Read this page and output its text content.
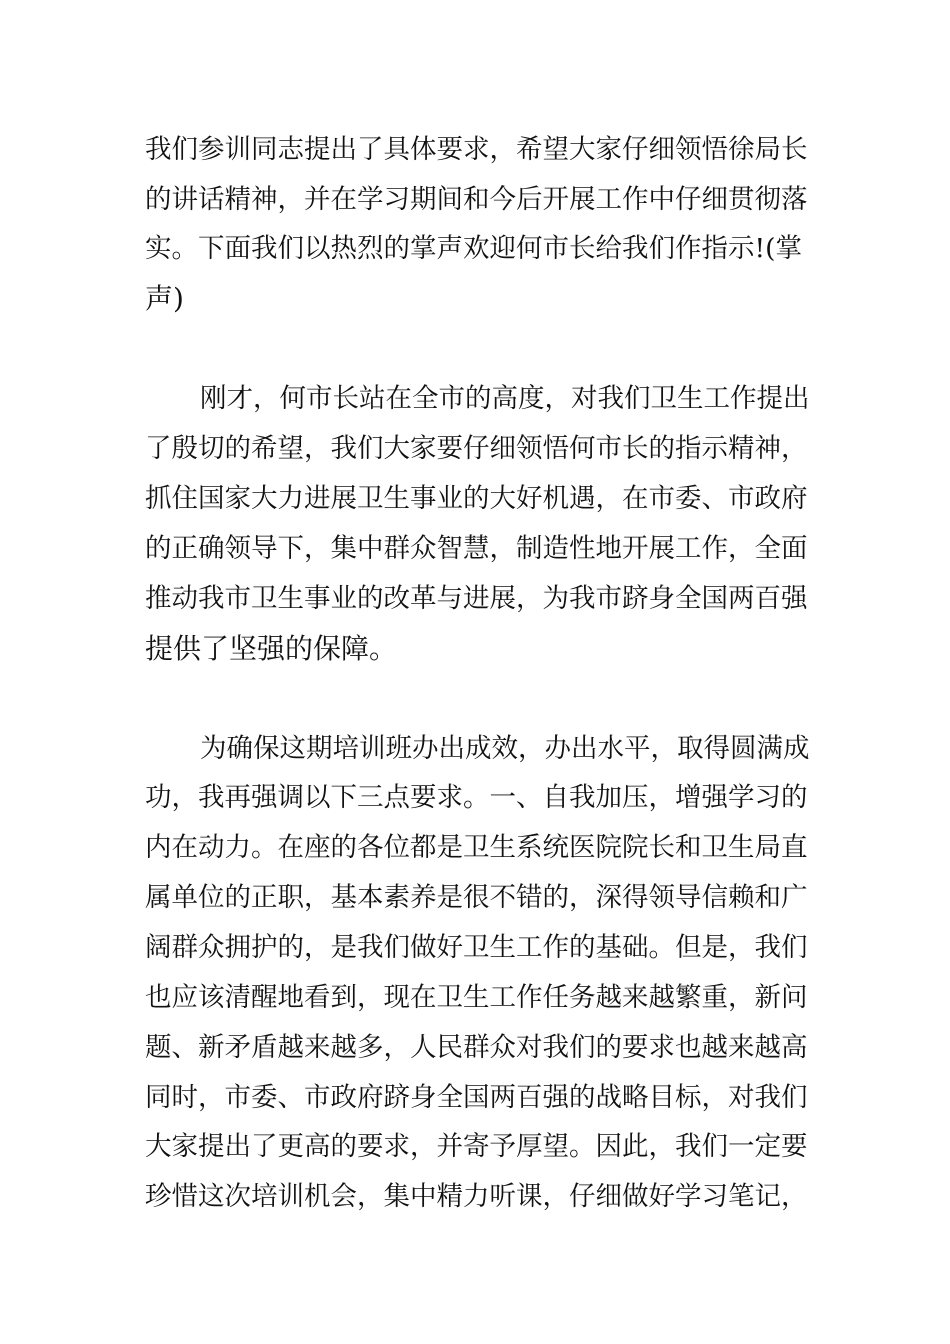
我们参训同志提出了具体要求，希望大家仔细领悟徐局长
的讲话精神，并在学习期间和今后开展工作中仔细贯彻落
实。下面我们以热烈的掌声欢迎何市长给我们作指示!(掌
声)
刚才，何市长站在全市的高度，对我们卫生工作提出
了殷切的希望，我们大家要仔细领悟何市长的指示精神，
抓住国家大力进展卫生事业的大好机遇，在市委、市政府
的正确领导下，集中群众智慧，制造性地开展工作，全面
推动我市卫生事业的改革与进展，为我市跻身全国两百强
提供了坚强的保障。
为确保这期培训班办出成效，办出水平，取得圆满成
功，我再强调以下三点要求。一、自我加压，增强学习的
内在动力。在座的各位都是卫生系统医院院长和卫生局直
属单位的正职，基本素养是很不错的，深得领导信赖和广
阔群众拥护的，是我们做好卫生工作的基础。但是，我们
也应该清醒地看到，现在卫生工作任务越来越繁重，新问
题、新矛盾越来越多，人民群众对我们的要求也越来越高
同时，市委、市政府跻身全国两百强的战略目标，对我们
大家提出了更高的要求，并寄予厚望。因此，我们一定要
珍惜这次培训机会，集中精力听课，仔细做好学习笔记，
